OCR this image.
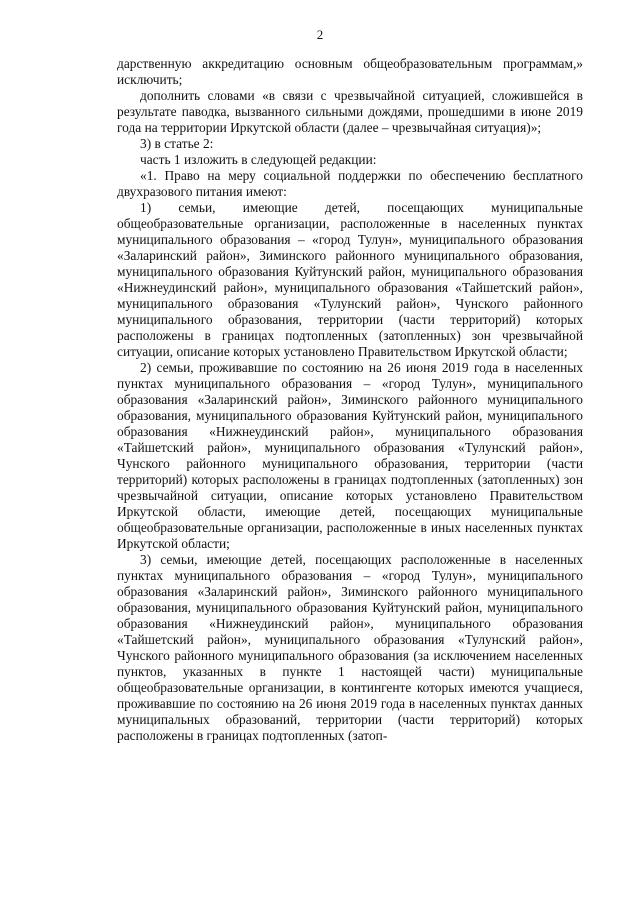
2

дарственную аккредитацию основным общеобразовательным программам,» исключить;

дополнить словами «в связи с чрезвычайной ситуацией, сложившейся в результате паводка, вызванного сильными дождями, прошедшими в июне 2019 года на территории Иркутской области (далее – чрезвычайная ситуация)»;

3) в статье 2:

часть 1 изложить в следующей редакции:

«1. Право на меру социальной поддержки по обеспечению бесплатного двухразового питания имеют:

1) семьи, имеющие детей, посещающих муниципальные общеобразовательные организации, расположенные в населенных пунктах муниципального образования – «город Тулун», муниципального образования «Заларинский район», Зиминского районного муниципального образования, муниципального образования Куйтунский район, муниципального образования «Нижнеудинский район», муниципального образования «Тайшетский район», муниципального образования «Тулунский район», Чунского районного муниципального образования, территории (части территорий) которых расположены в границах подтопленных (затопленных) зон чрезвычайной ситуации, описание которых установлено Правительством Иркутской области;

2) семьи, проживавшие по состоянию на 26 июня 2019 года в населенных пунктах муниципального образования – «город Тулун», муниципального образования «Заларинский район», Зиминского районного муниципального образования, муниципального образования Куйтунский район, муниципального образования «Нижнеудинский район», муниципального образования «Тайшетский район», муниципального образования «Тулунский район», Чунского районного муниципального образования, территории (части территорий) которых расположены в границах подтопленных (затопленных) зон чрезвычайной ситуации, описание которых установлено Правительством Иркутской области, имеющие детей, посещающих муниципальные общеобразовательные организации, расположенные в иных населенных пунктах Иркутской области;

3) семьи, имеющие детей, посещающих расположенные в населенных пунктах муниципального образования – «город Тулун», муниципального образования «Заларинский район», Зиминского районного муниципального образования, муниципального образования Куйтунский район, муниципального образования «Нижнеудинский район», муниципального образования «Тайшетский район», муниципального образования «Тулунский район», Чунского районного муниципального образования (за исключением населенных пунктов, указанных в пункте 1 настоящей части) муниципальные общеобразовательные организации, в контингенте которых имеются учащиеся, проживавшие по состоянию на 26 июня 2019 года в населенных пунктах данных муниципальных образований, территории (части территорий) которых расположены в границах подтопленных (затоп-
